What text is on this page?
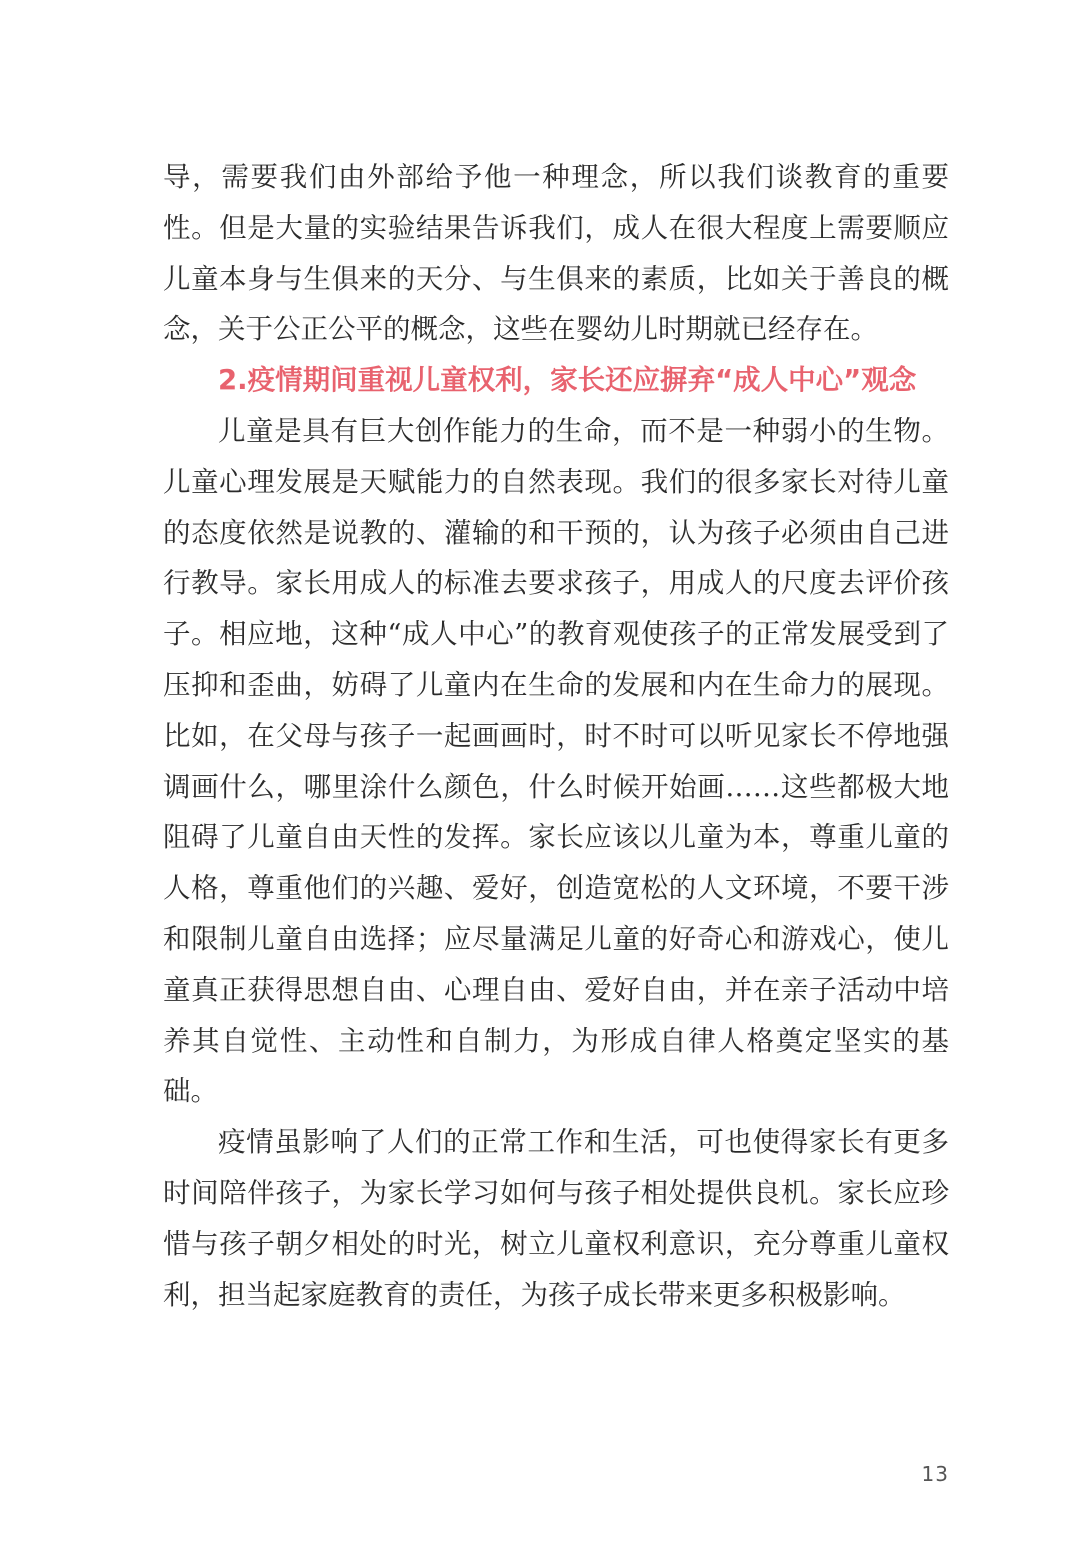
导，需要我们由外部给予他一种理念，所以我们谈教育的重要性。但是大量的实验结果告诉我们，成人在很大程度上需要顺应儿童本身与生俱来的天分、与生俱来的素质，比如关于善良的概念，关于公正公平的概念，这些在婴幼儿时期就已经存在。

2.疫情期间重视儿童权利，家长还应摒弃“成人中心”观念

儿童是具有巨大创作能力的生命，而不是一种弱小的生物。儿童心理发展是天赋能力的自然表现。我们的很多家长对待儿童的态度依然是说教的、灌输的和干预的，认为孩子必须由自己进行教导。家长用成人的标准去要求孩子，用成人的尺度去评价孩子。相应地，这种“成人中心”的教育观使孩子的正常发展受到了压抑和歪曲，妨碍了儿童内在生命的发展和内在生命力的展现。比如，在父母与孩子一起画画时，时不时可以听见家长不停地强调画什么，哪里涂什么颜色，什么时候开始画……这些都极大地阻碍了儿童自由天性的发挥。家长应该以儿童为本，尊重儿童的人格，尊重他们的兴趣、爱好，创造宽松的人文环境，不要干涉和限制儿童自由选择；应尽量满足儿童的好奇心和游戏心，使儿童真正获得思想自由、心理自由、爱好自由，并在亲子活动中培养其自觉性、主动性和自制力，为形成自律人格奠定坚实的基础。

疫情虽影响了人们的正常工作和生活，可也使得家长有更多时间陪伴孩子，为家长学习如何与孩子相处提供良机。家长应珍惜与孩子朝夕相处的时光，树立儿童权利意识，充分尊重儿童权利，担当起家庭教育的责任，为孩子成长带来更多积极影响。

13
